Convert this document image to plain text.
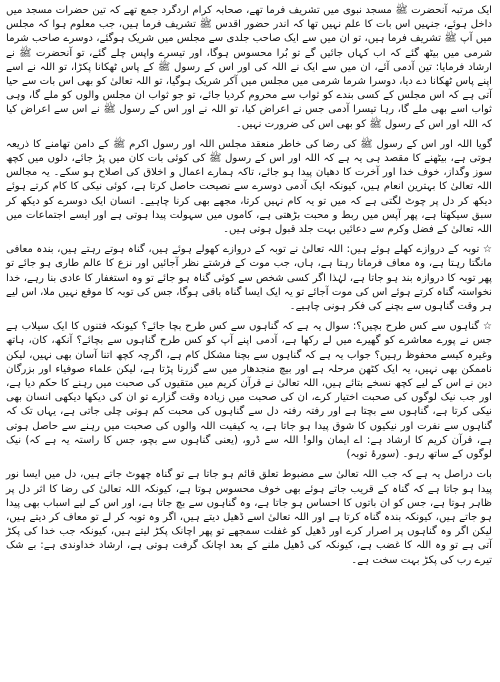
ایک مرتبہ آنحضرت ﷺ مسجد نبوی میں تشریف فرما تھے، صحابہ کرام اردگرد جمع تھے کہ تین حضرات مسجد میں داخل ہوئے، جنہیں اس بات کا علم نہیں تھا کہ اندر حضور اقدس ﷺ تشریف فرما ہیں، جب معلوم ہوا کہ مجلس میں آپ ﷺ تشریف فرما ہیں، تو ان میں سے ایک صاحب جلدی سے مجلس میں شریک ہوگئے، دوسرے صاحب شرما شرمی میں بیٹھ گئے کہ اب کہاں جائیں گے تو بُرا محسوس ہوگا، اور تیسرے واپس چلے گئے، تو آنحضرت ﷺ نے ارشاد فرمایا: تین آدمی آئے، ان میں سے ایک نے اللہ کی اور اس کے رسول ﷺ کے پاس ٹھکانا پکڑا، تو اللہ نے اسے اپنے پاس ٹھکانا دے دیا، دوسرا شرما شرمی میں مجلس میں آکر شریک ہوگیا، تو اللہ تعالیٰ کو بھی اس بات سے حیا آتی ہے کہ اس مجلس کے کسی بندے کو ثواب سے محروم کردیا جائے، تو جو ثواب ان مجلس والوں کو ملے گا، وہی ثواب اسے بھی ملے گا، رہا تیسرا آدمی جس نے اعراض کیا، تو اللہ نے اور اس کے رسول ﷺ نے اس سے اعراض کیا کہ اللہ اور اس کے رسول ﷺ کو بھی اس کی ضرورت نہیں۔

گویا اللہ اور اس کے رسول ﷺ کی رضا کی خاطر منعقد مجلس اللہ اور رسول اکرم ﷺ کے دامن تھامنے کا ذریعہ ہوتی ہے، بیٹھنے کا مقصد ہی یہ ہے کہ اللہ اور اس کے رسول ﷺ کی کوئی بات کان میں پڑ جائے، دلوں میں کچھ سوز وگداز، خوف خدا اور آخرت کا دھیان پیدا ہو جائے، تاکہ ہمارے اعمال و اخلاق کی اصلاح ہو سکے۔ یہ مجالس اللہ تعالیٰ کا بہترین انعام ہیں، کیونکہ ایک آدمی دوسرے سے نصیحت حاصل کرتا ہے، کوئی نیکی کا کام کرتے ہوئے دیکھ کر دل پر چوٹ لگتی ہے کہ میں تو یہ کام نہیں کرتا، مجھے بھی کرنا چاہیے۔ انسان ایک دوسرے کو دیکھ کر سبق سیکھتا ہے، پھر آپس میں ربط و محبت بڑھتی ہے، کاموں میں سہولت پیدا ہوتی ہے اور ایسے اجتماعات میں اللہ تعالیٰ کے فضل وکرم سے دعائیں بہت جلد قبول ہوتی ہیں۔

☆ توبہ کے دروازے کھلے ہوئے ہیں: اللہ تعالیٰ نے توبہ کے دروازے کھولے ہوئے ہیں، گناہ ہوتے رہتے ہیں، بندہ معافی مانگتا رہتا ہے، وہ معاف فرماتا رہتا ہے، ہاں، جب موت کے فرشتے نظر آجائیں اور نزع کا عالم طاری ہو جائے تو پھر توبہ کا دروازہ بند ہو جاتا ہے، لہٰذا اگر کسی شخص سے کوئی گناہ ہو جائے تو وہ استغفار کا عادی بنا رہے، خدا نخواستہ گناہ کرتے ہوئے اس کی موت آجائے تو یہ ایک ایسا گناہ باقی ہوگا، جس کی توبہ کا موقع نہیں ملا، اس لیے ہر وقت گناہوں سے بچنے کی فکر ہونی چاہیے۔

☆ گناہوں سے کس طرح بچیں؟: سوال یہ ہے کہ گناہوں سے کس طرح بچا جائے؟ کیونکہ فتنوں کا ایک سیلاب ہے جس نے پورے معاشرے کو گھیرے میں لے رکھا ہے، آدمی اپنے آپ کو کس طرح گناہوں سے بچائے؟ آنکھ، کان، ہاتھ وغیرہ کیسے محفوظ رہیں؟ جواب یہ ہے کہ گناہوں سے بچنا مشکل کام ہے، اگرچہ کچھ اتنا آسان بھی نہیں، لیکن ناممکن بھی نہیں، یہ ایک کٹھن مرحلہ ہے اور بیچ منجدھار میں سے گزرنا پڑتا ہے، لیکن علماء صوفیاء اور بزرگان دین نے اس کے لیے کچھ نسخے بتائے ہیں، اللہ تعالیٰ نے قرآن کریم میں متقیوں کی صحبت میں رہنے کا حکم دیا ہے، اور جب نیک لوگوں کی صحبت اختیار کرے، ان کی صحبت میں زیادہ وقت گزارے تو ان کی دیکھا دیکھی انسان بھی نیکی کرتا ہے، گناہوں سے بچتا ہے اور رفتہ رفتہ دل سے گناہوں کی محبت کم ہوتی چلی جاتی ہے، یہاں تک کہ گناہوں سے نفرت اور نیکیوں کا شوق پیدا ہو جاتا ہے، یہ کیفیت اللہ والوں کی صحبت میں رہنے سے حاصل ہوتی ہے، قرآن کریم کا ارشاد ہے: اے ایمان والو! اللہ سے ڈرو، (یعنی گناہوں سے بچو، جس کا راستہ یہ ہے کہ) نیک لوگوں کے ساتھ رہو۔ (سورۂ توبہ)

بات دراصل یہ ہے کہ جب اللہ تعالیٰ سے مضبوط تعلق قائم ہو جاتا ہے تو گناہ چھوٹ جاتے ہیں، دل میں ایسا نور پیدا ہو جاتا ہے کہ گناہ کے قریب جاتے ہوئے بھی خوف محسوس ہوتا ہے، کیونکہ اللہ تعالیٰ کی رضا کا اثر دل پر ظاہر ہوتا ہے، جس کو ان باتوں کا احساس ہو جاتا ہے، وہ گناہوں سے بچ جاتا ہے، اور اس کے لیے اسباب بھی پیدا ہو جاتے ہیں، کیونکہ بندہ گناہ کرتا ہے اور اللہ تعالیٰ اسے ڈھیل دیتے ہیں، اگر وہ توبہ کر لے تو معاف کر دیتے ہیں، لیکن اگر وہ گناہوں پر اصرار کرے اور ڈھیل کو غفلت سمجھے تو پھر اچانک پکڑ لیتے ہیں، کیونکہ جب خدا کی پکڑ آتی ہے تو وہ اللہ کا غضب ہے، کیونکہ کی ڈھیل ملنے کے بعد اچانک گرفت ہوتی ہے، ارشاد خداوندی ہے: بے شک تیرے رب کی پکڑ بہت سخت ہے۔
